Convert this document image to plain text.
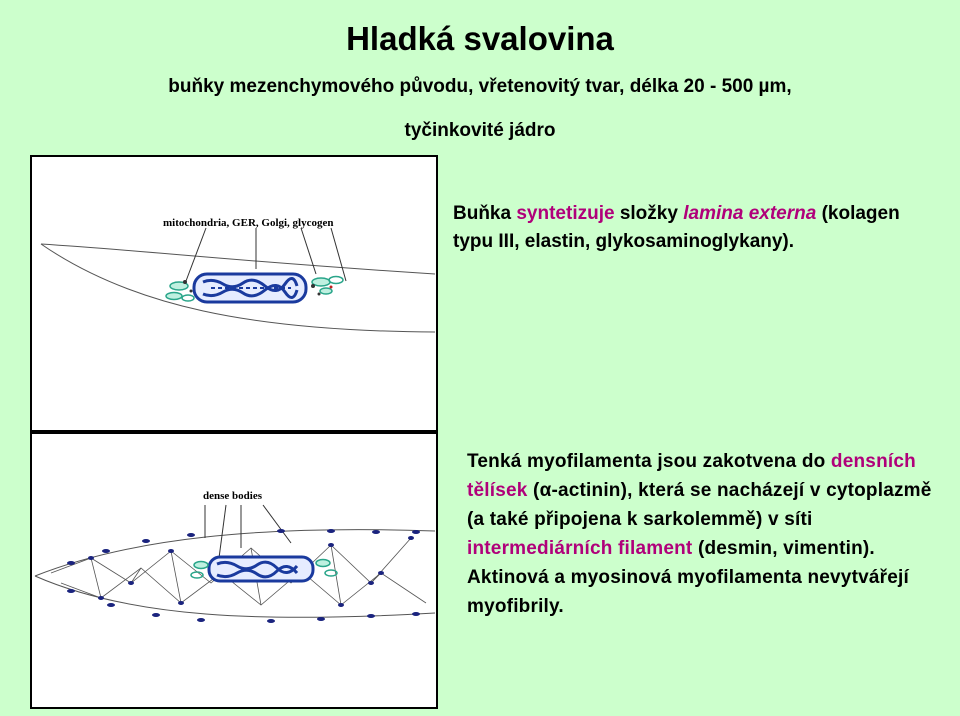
Hladká svalovina
buňky mezenchymového původu, vřetenovitý tvar, délka 20 - 500 µm,
tyčinkovité jádro
mitochondria, GER, Golgi, glycogen
dense bodies
Buňka syntetizuje složky lamina externa (kolagen typu III, elastin, glykosaminoglykany).
Tenká myofilamenta jsou zakotvena do densních tělísek (α-actinin), která se nacházejí v cytoplazmě (a také připojena k sarkolemmě) v síti intermediárních filament (desmin, vimentin). Aktinová a myosinová myofilamenta nevytvářejí myofibrily.
